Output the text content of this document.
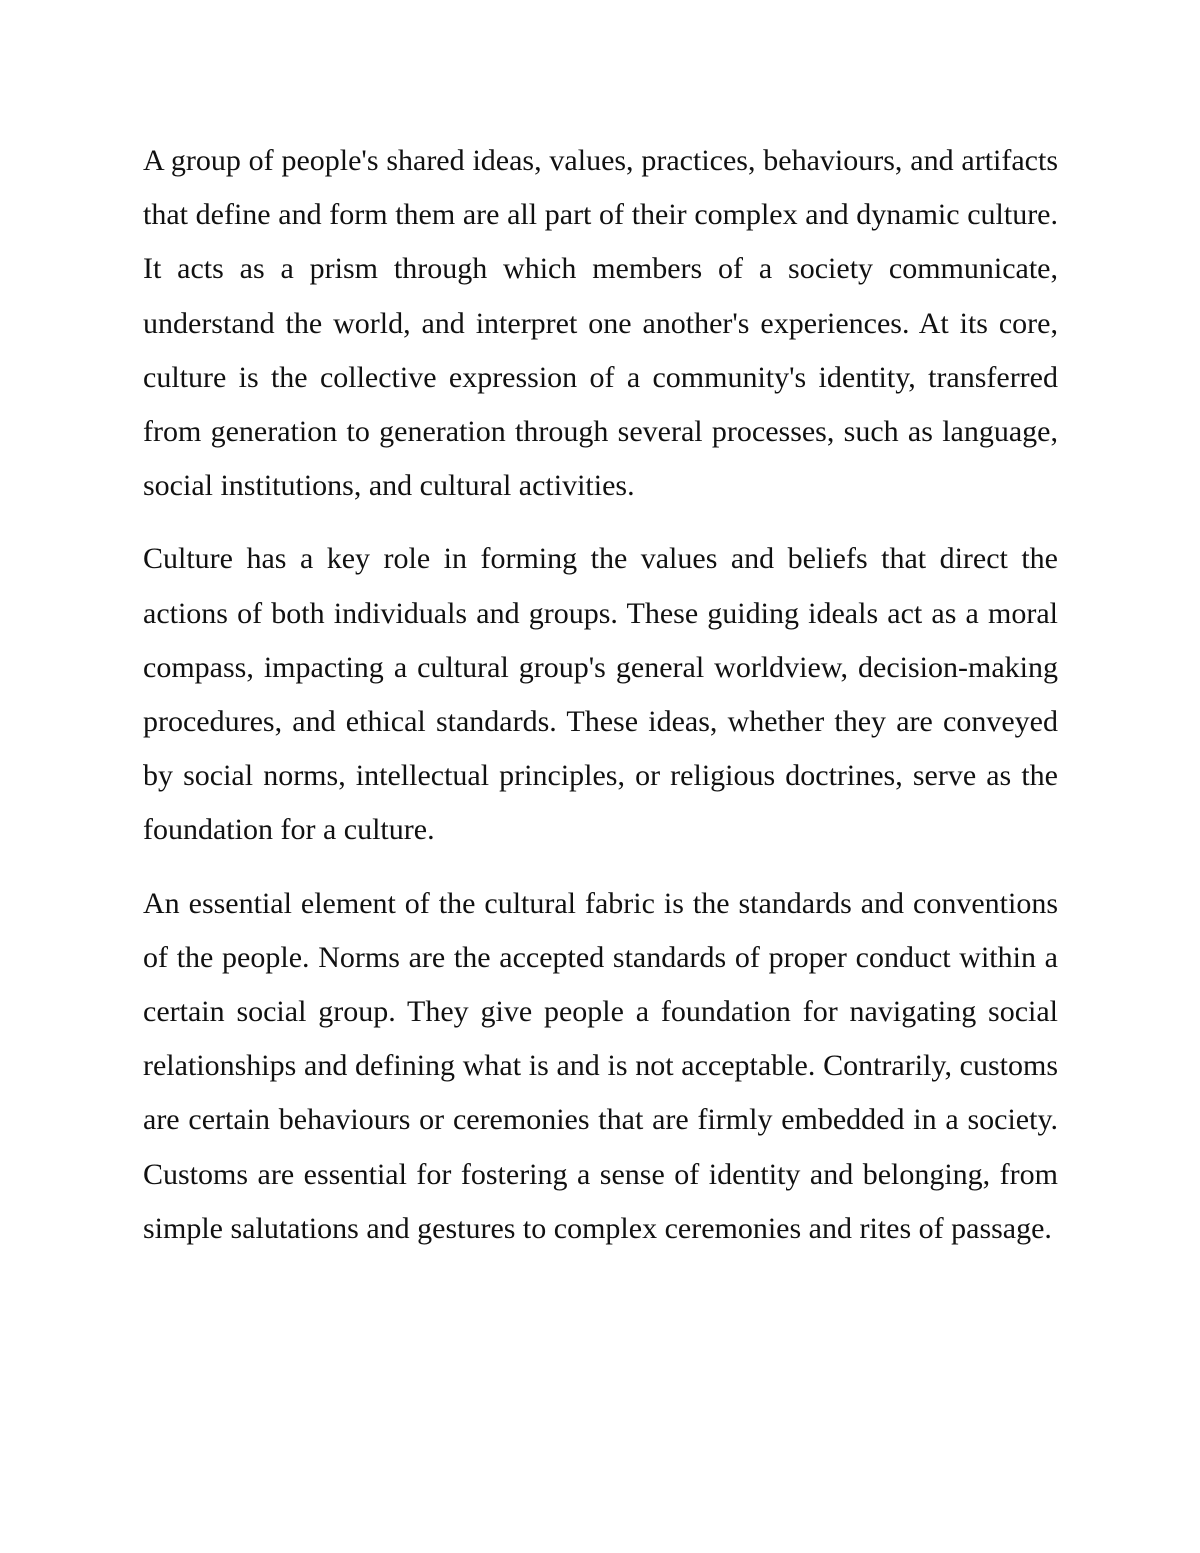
A group of people's shared ideas, values, practices, behaviours, and artifacts that define and form them are all part of their complex and dynamic culture. It acts as a prism through which members of a society communicate, understand the world, and interpret one another's experiences. At its core, culture is the collective expression of a community's identity, transferred from generation to generation through several processes, such as language, social institutions, and cultural activities.

Culture has a key role in forming the values and beliefs that direct the actions of both individuals and groups. These guiding ideals act as a moral compass, impacting a cultural group's general worldview, decision-making procedures, and ethical standards. These ideas, whether they are conveyed by social norms, intellectual principles, or religious doctrines, serve as the foundation for a culture.

An essential element of the cultural fabric is the standards and conventions of the people. Norms are the accepted standards of proper conduct within a certain social group. They give people a foundation for navigating social relationships and defining what is and is not acceptable. Contrarily, customs are certain behaviours or ceremonies that are firmly embedded in a society. Customs are essential for fostering a sense of identity and belonging, from simple salutations and gestures to complex ceremonies and rites of passage.
